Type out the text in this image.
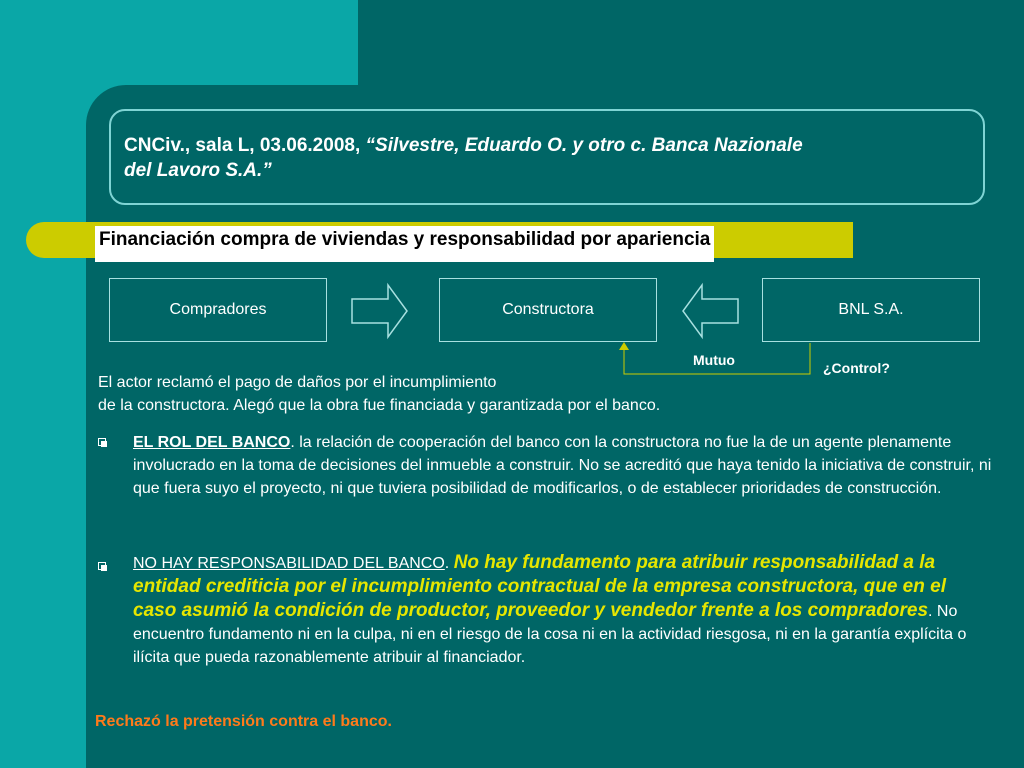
CNCiv., sala L, 03.06.2008, “Silvestre, Eduardo O. y otro c. Banca Nazionale
del Lavoro S.A.”
Financiación compra de viviendas y responsabilidad por apariencia
Compradores	Constructora	BNL S.A.
Mutuo	¿Control?
El actor reclamó el pago de daños por el incumplimiento
de la constructora. Alegó que la obra fue financiada y garantizada por el banco.
EL ROL DEL BANCO. la relación de cooperación del banco con la constructora no fue la de un agente plenamente involucrado en la toma de decisiones del inmueble a construir. No se acreditó que haya tenido la iniciativa de construir, ni que fuera suyo el proyecto, ni que tuviera posibilidad de modificarlos, o de establecer prioridades de construcción.
NO HAY RESPONSABILIDAD DEL BANCO. No hay fundamento para atribuir responsabilidad a la entidad crediticia por el incumplimiento contractual de la empresa constructora, que en el caso asumió la condición de productor, proveedor y vendedor frente a los compradores. No encuentro fundamento ni en la culpa, ni en el riesgo de la cosa ni en la actividad riesgosa, ni en la garantía explícita o ilícita que pueda razonablemente atribuir al financiador.
Rechazó la pretensión contra el banco.
